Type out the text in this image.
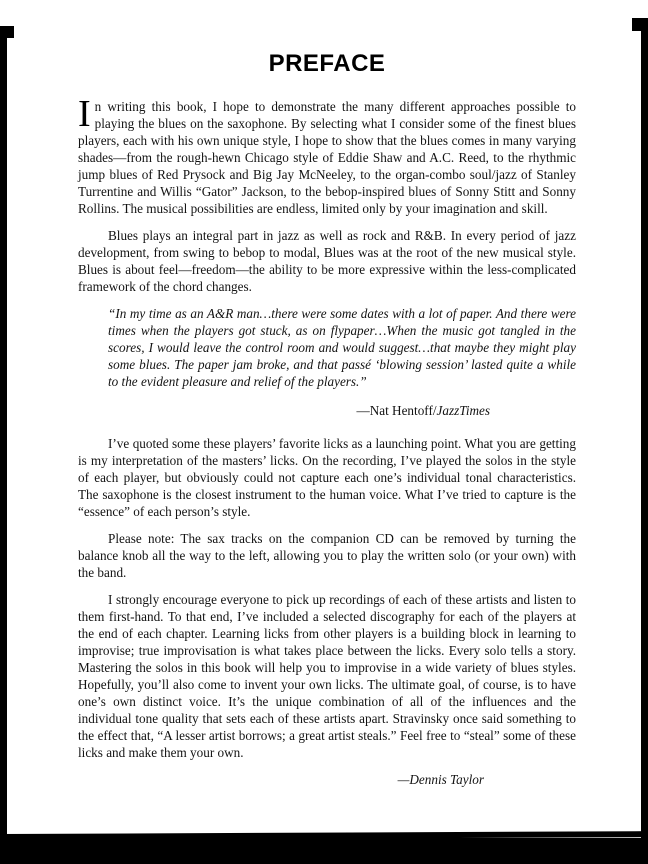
PREFACE

In writing this book, I hope to demonstrate the many different approaches possible to playing the blues on the saxophone. By selecting what I consider some of the finest blues players, each with his own unique style, I hope to show that the blues comes in many varying shades—from the rough-hewn Chicago style of Eddie Shaw and A.C. Reed, to the rhythmic jump blues of Red Prysock and Big Jay McNeeley, to the organ-combo soul/jazz of Stanley Turrentine and Willis “Gator” Jackson, to the bebop-inspired blues of Sonny Stitt and Sonny Rollins. The musical possibilities are endless, limited only by your imagination and skill.

Blues plays an integral part in jazz as well as rock and R&B. In every period of jazz development, from swing to bebop to modal, Blues was at the root of the new musical style. Blues is about feel—freedom—the ability to be more expressive within the less-complicated framework of the chord changes.

“In my time as an A&R man…there were some dates with a lot of paper. And there were times when the players got stuck, as on flypaper…When the music got tangled in the scores, I would leave the control room and would suggest…that maybe they might play some blues. The paper jam broke, and that passé ‘blowing session’ lasted quite a while to the evident pleasure and relief of the players.”

—Nat Hentoff/JazzTimes

I’ve quoted some these players’ favorite licks as a launching point. What you are getting is my interpretation of the masters’ licks. On the recording, I’ve played the solos in the style of each player, but obviously could not capture each one’s individual tonal characteristics. The saxophone is the closest instrument to the human voice. What I’ve tried to capture is the “essence” of each person’s style.

Please note: The sax tracks on the companion CD can be removed by turning the balance knob all the way to the left, allowing you to play the written solo (or your own) with the band.

I strongly encourage everyone to pick up recordings of each of these artists and listen to them first-hand. To that end, I’ve included a selected discography for each of the players at the end of each chapter. Learning licks from other players is a building block in learning to improvise; true improvisation is what takes place between the licks. Every solo tells a story. Mastering the solos in this book will help you to improvise in a wide variety of blues styles. Hopefully, you’ll also come to invent your own licks. The ultimate goal, of course, is to have one’s own distinct voice. It’s the unique combination of all of the influences and the individual tone quality that sets each of these artists apart. Stravinsky once said something to the effect that, “A lesser artist borrows; a great artist steals.” Feel free to “steal” some of these licks and make them your own.

—Dennis Taylor
